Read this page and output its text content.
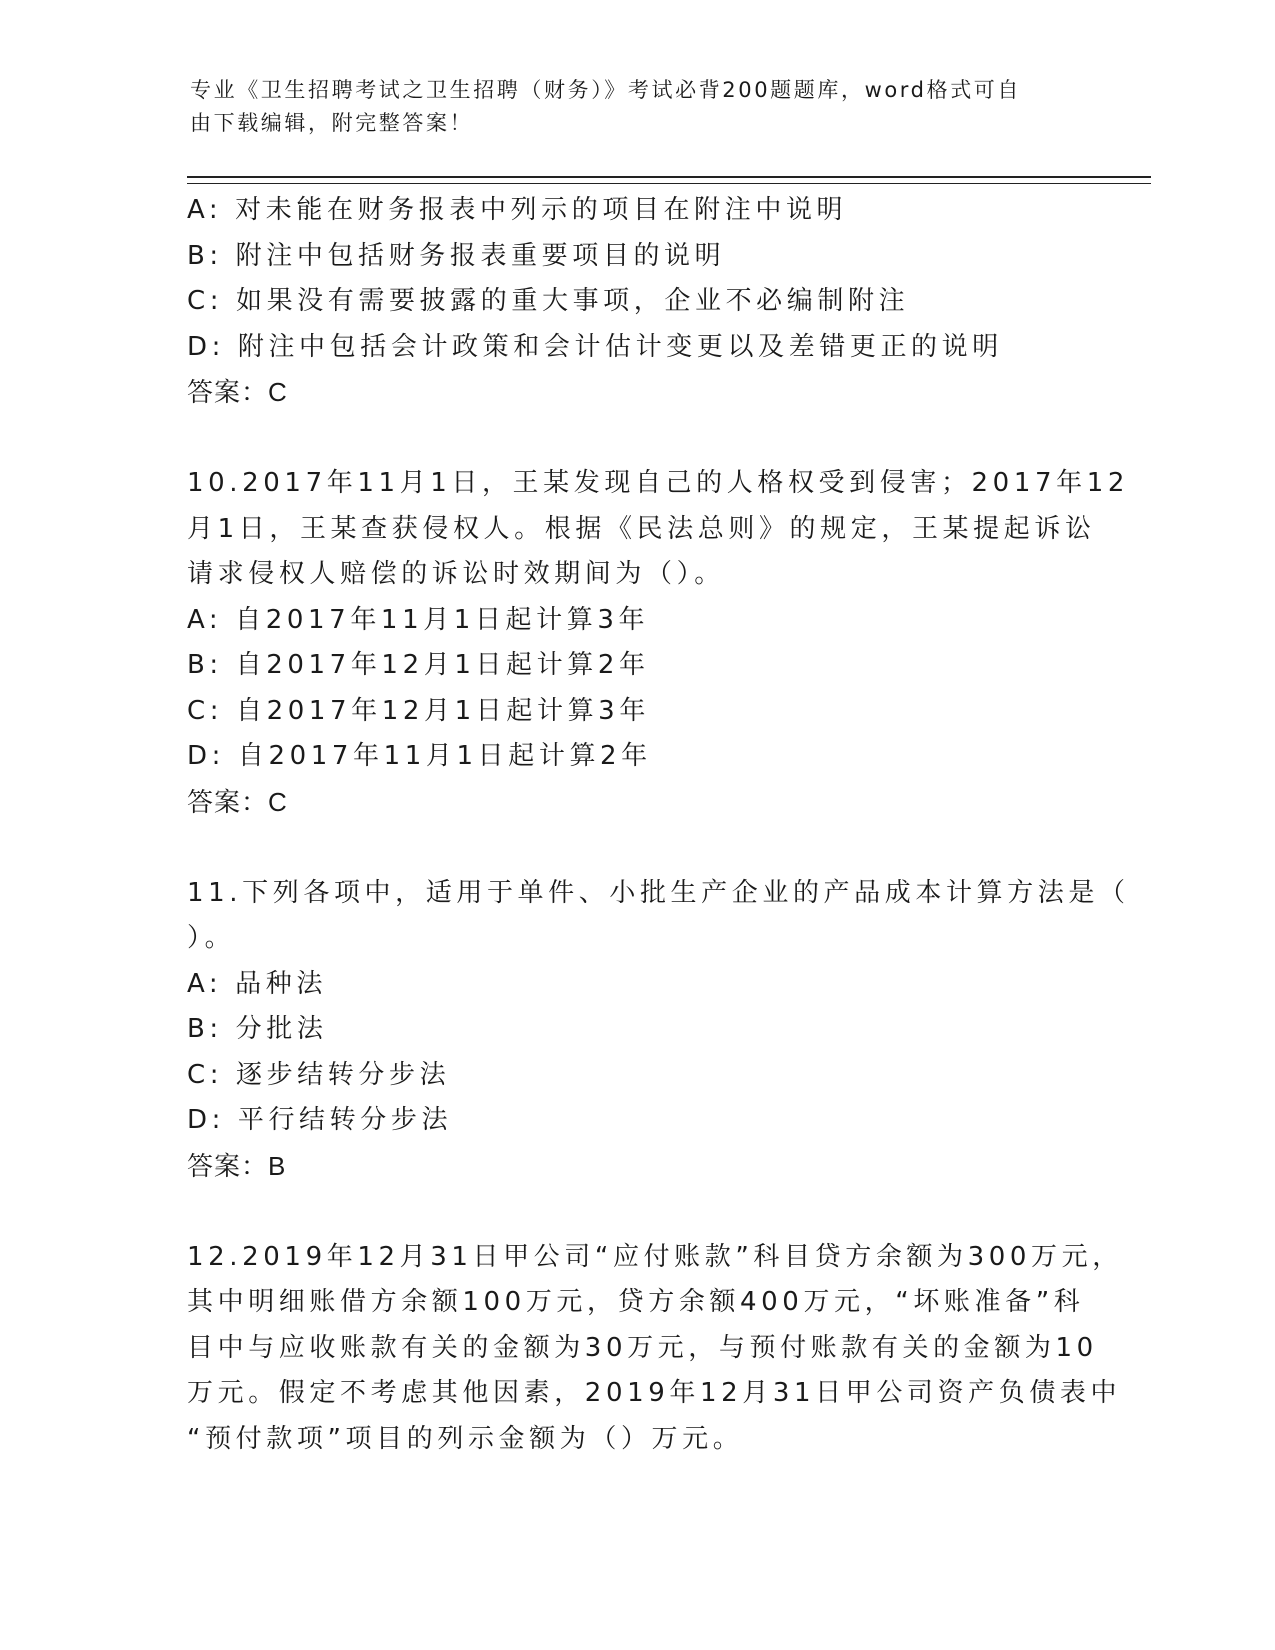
专业《卫生招聘考试之卫生招聘（财务）》考试必背200题题库，word格式可自
由下载编辑，附完整答案！
A: 对未能在财务报表中列示的项目在附注中说明
B: 附注中包括财务报表重要项目的说明
C: 如果没有需要披露的重大事项，企业不必编制附注
D: 附注中包括会计政策和会计估计变更以及差错更正的说明
答案：C
10.2017年11月1日，王某发现自己的人格权受到侵害；2017年12
月1日，王某查获侵权人。根据《民法总则》的规定，王某提起诉讼
请求侵权人赔偿的诉讼时效期间为（）。
A: 自2017年11月1日起计算3年
B: 自2017年12月1日起计算2年
C: 自2017年12月1日起计算3年
D: 自2017年11月1日起计算2年
答案：C
11.下列各项中，适用于单件、小批生产企业的产品成本计算方法是（
）。
A: 品种法
B: 分批法
C: 逐步结转分步法
D: 平行结转分步法
答案：B
12.2019年12月31日甲公司“应付账款”科目贷方余额为300万元，
其中明细账借方余额100万元，贷方余额400万元，“坏账准备”科
目中与应收账款有关的金额为30万元，与预付账款有关的金额为10
万元。假定不考虑其他因素，2019年12月31日甲公司资产负债表中
“预付款项”项目的列示金额为（）万元。
